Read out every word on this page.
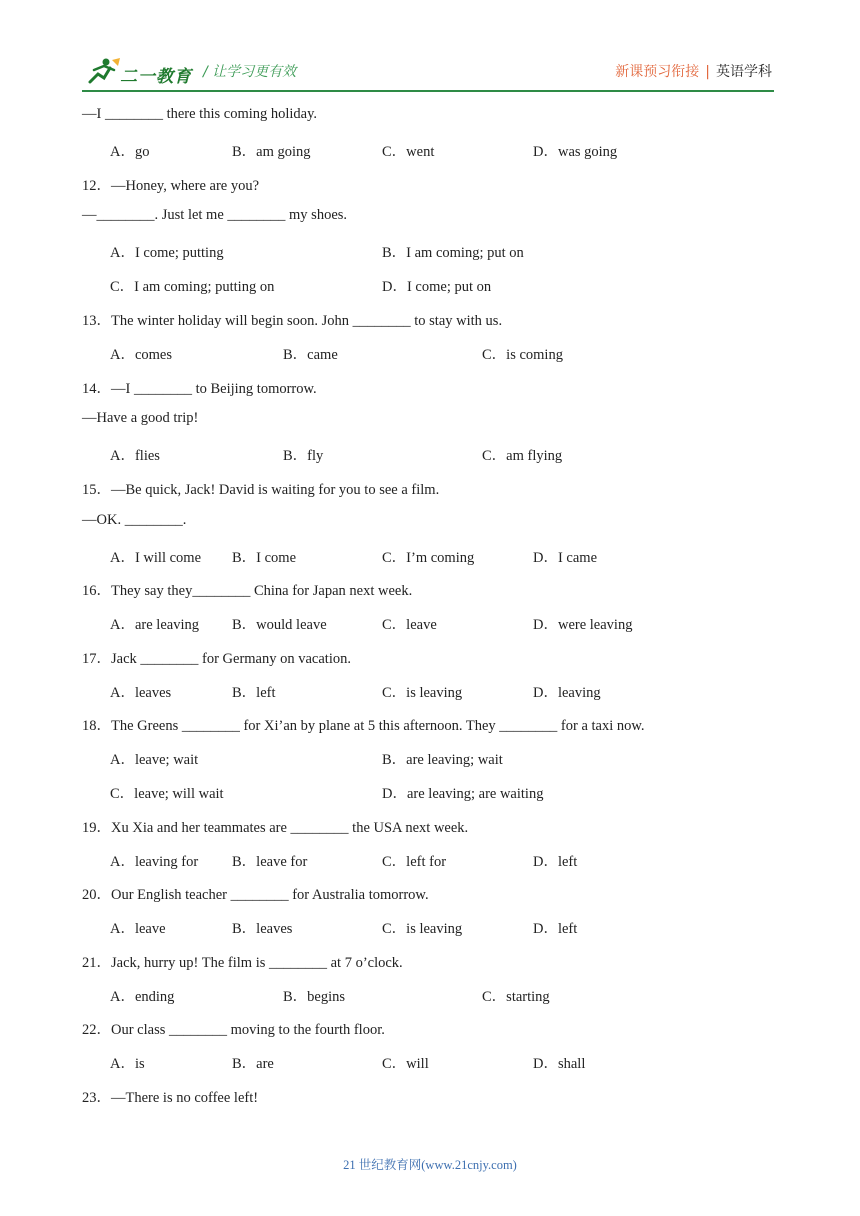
二一教育 / 让学习更有效	新课预习衔接 | 英语学科
—I ________ there this coming holiday.
A．go	B．am going	C．went	D．was going
12．—Honey, where are you?
—________. Just let me ________ my shoes.
A．I come; putting	B．I am coming; put on
C．I am coming; putting on	D．I come; put on
13．The winter holiday will begin soon. John ________ to stay with us.
A．comes	B．came	C．is coming
14．—I ________ to Beijing tomorrow.
—Have a good trip!
A．flies	B．fly	C．am flying
15．—Be quick, Jack! David is waiting for you to see a film.
—OK. ________.
A．I will come B．I come	C．I’m coming	D．I came
16．They say they________ China for Japan next week.
A．are leaving B．would leave	C．leave	D．were leaving
17．Jack ________ for Germany on vacation.
A．leaves	B．left	C．is leaving	D．leaving
18．The Greens ________ for Xi’an by plane at 5 this afternoon. They ________ for a taxi now.
A．leave; wait	B．are leaving; wait
C．leave; will wait	D．are leaving; are waiting
19．Xu Xia and her teammates are ________ the USA next week.
A．leaving for B．leave for	C．left for	D．left
20．Our English teacher ________ for Australia tomorrow.
A．leave	B．leaves	C．is leaving	D．left
21．Jack, hurry up! The film is ________ at 7 o’clock.
A．ending	B．begins	C．starting
22．Our class ________ moving to the fourth floor.
A．is	B．are	C．will	D．shall
23．—There is no coffee left!
21 世纪教育网(www.21cnjy.com)
